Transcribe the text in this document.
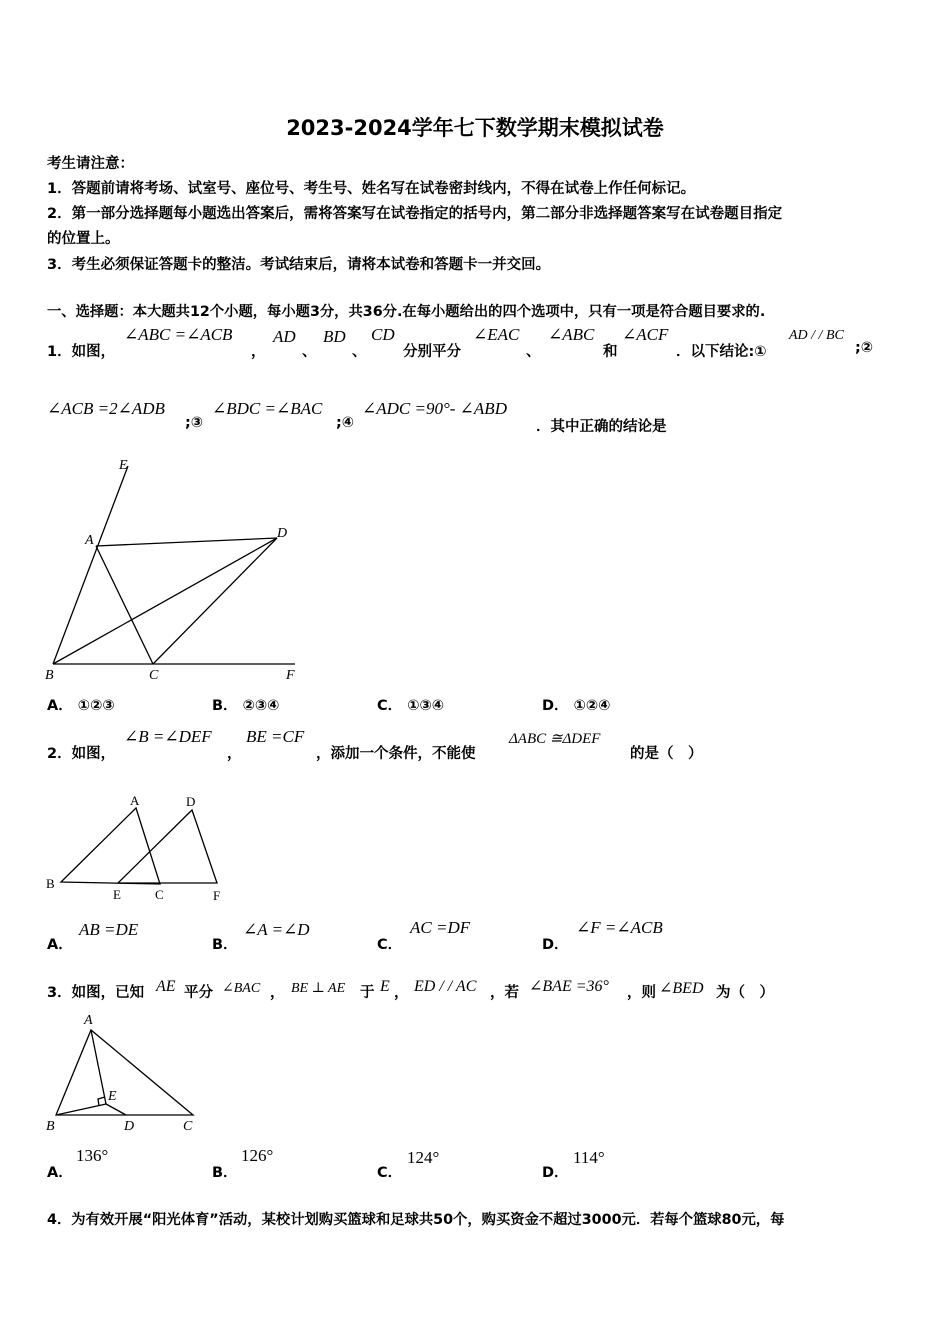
2023-2024学年七下数学期末模拟试卷
考生请注意：
1．答题前请将考场、试室号、座位号、考生号、姓名写在试卷密封线内，不得在试卷上作任何标记。
2．第一部分选择题每小题选出答案后，需将答案写在试卷指定的括号内，第二部分非选择题答案写在试卷题目指定
的位置上。
3．考生必须保证答题卡的整洁。考试结束后，请将本试卷和答题卡一并交回。
一、选择题：本大题共12个小题，每小题3分，共36分.在每小题给出的四个选项中，只有一项是符合题目要求的.
1．如图，
∠ABC =∠ACB
，
AD
、
BD
、
CD
分别平分
∠EAC
、
∠ABC
和
∠ACF
．以下结论:①
AD / / BC
;②
∠ACB =2∠ADB
;③
∠BDC =∠BAC
;④
∠ADC =90°- ∠ABD
．其中正确的结论是
E
A	D
B	C	F
A． ①②③	B． ②③④	C． ①③④	D． ①②④
2．如图，
∠B =∠DEF
，
BE =CF
，添加一个条件，不能使
ΔABC ≅ΔDEF
的是（　）
A	D
B
E	C	F
A．
AB =DE
B．
∠A =∠D
C．
AC =DF
D．
∠F =∠ACB
3．如图，已知 AE 平分 ∠BAC ， BE ⊥ AE 于 E ， ED / / AC ，若 ∠BAE =36° ，则 ∠BED 为（　）
A
E
B	D	C
A．
136°
B．
126°
C．
124°
D．
114°
4．为有效开展“阳光体育”活动，某校计划购买篮球和足球共50个，购买资金不超过3000元．若每个篮球80元，每
